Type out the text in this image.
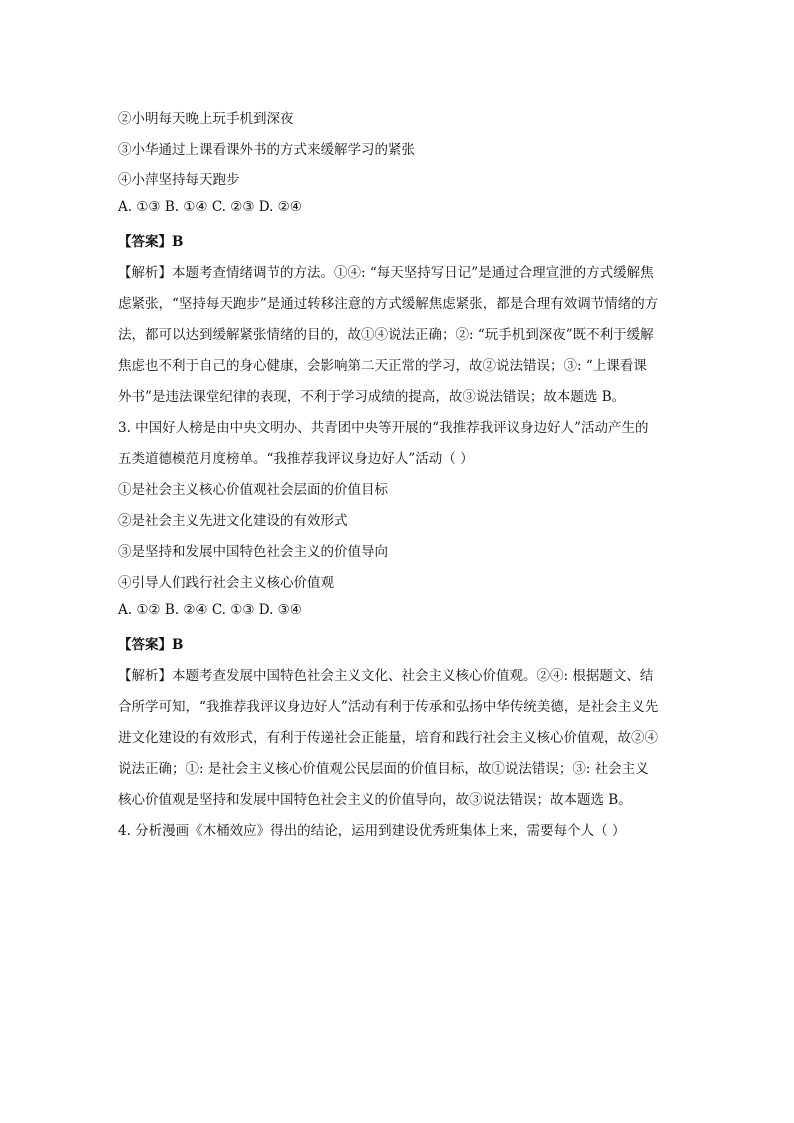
②小明每天晚上玩手机到深夜
③小华通过上课看课外书的方式来缓解学习的紧张
④小萍坚持每天跑步
A. ①③ B. ①④ C. ②③ D. ②④
【答案】B
【解析】本题考查情绪调节的方法。①④: “每天坚持写日记”是通过合理宣泄的方式缓解焦
虑紧张，“坚持每天跑步”是通过转移注意的方式缓解焦虑紧张，都是合理有效调节情绪的方
法，都可以达到缓解紧张情绪的目的，故①④说法正确；②: “玩手机到深夜”既不利于缓解
焦虑也不利于自己的身心健康，会影响第二天正常的学习，故②说法错误；③: “上课看课
外书”是违法课堂纪律的表现，不利于学习成绩的提高，故③说法错误；故本题选 B。
3. 中国好人榜是由中央文明办、共青团中央等开展的“我推荐我评议身边好人”活动产生的
五类道德模范月度榜单。“我推荐我评议身边好人”活动（ ）
①是社会主义核心价值观社会层面的价值目标
②是社会主义先进文化建设的有效形式
③是坚持和发展中国特色社会主义的价值导向
④引导人们践行社会主义核心价值观
A. ①② B. ②④ C. ①③ D. ③④
【答案】B
【解析】本题考查发展中国特色社会主义文化、社会主义核心价值观。②④: 根据题文、结
合所学可知，“我推荐我评议身边好人”活动有利于传承和弘扬中华传统美德，是社会主义先
进文化建设的有效形式，有利于传递社会正能量，培育和践行社会主义核心价值观，故②④
说法正确；①: 是社会主义核心价值观公民层面的价值目标，故①说法错误；③: 社会主义
核心价值观是坚持和发展中国特色社会主义的价值导向，故③说法错误；故本题选 B。
4. 分析漫画《木桶效应》得出的结论，运用到建设优秀班集体上来，需要每个人（ ）
